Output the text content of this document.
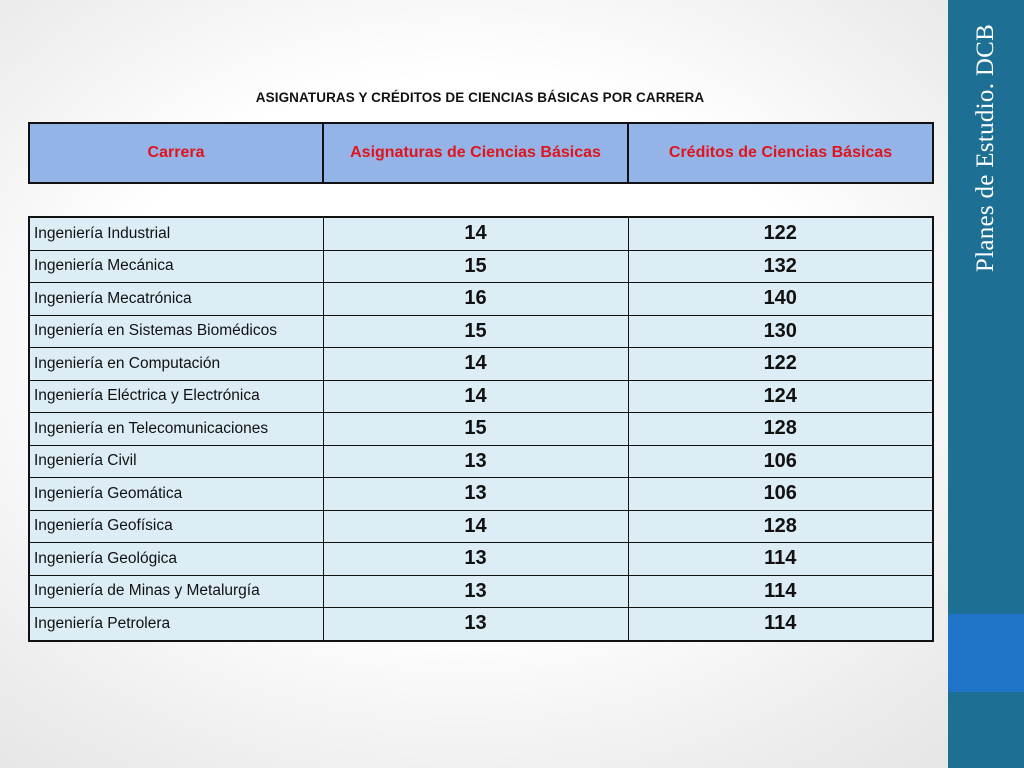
ASIGNATURAS Y CRÉDITOS DE CIENCIAS BÁSICAS POR CARRERA
Carrera	Asignaturas de Ciencias Básicas	Créditos de Ciencias Básicas
Ingeniería Industrial	14	122
Ingeniería Mecánica	15	132
Ingeniería Mecatrónica	16	140
Ingeniería en Sistemas Biomédicos	15	130
Ingeniería en Computación	14	122
Ingeniería Eléctrica y Electrónica	14	124
Ingeniería en Telecomunicaciones	15	128
Ingeniería Civil	13	106
Ingeniería Geomática	13	106
Ingeniería Geofísica	14	128
Ingeniería Geológica	13	114
Ingeniería de Minas y Metalurgía	13	114
Ingeniería Petrolera	13	114
Planes de Estudio. DCB
